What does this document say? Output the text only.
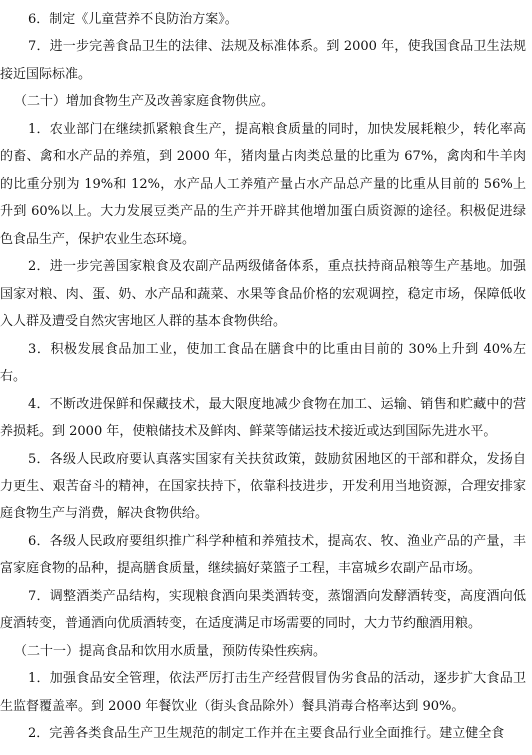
6．制定《儿童营养不良防治方案》。

7．进一步完善食品卫生的法律、法规及标准体系。到 2000 年，使我国食品卫生法规接近国际标准。

（二十）增加食物生产及改善家庭食物供应。

1．农业部门在继续抓紧粮食生产，提高粮食质量的同时，加快发展耗粮少，转化率高的畜、禽和水产品的养殖，到 2000 年，猪肉量占肉类总量的比重为 67%，禽肉和牛羊肉的比重分别为 19%和 12%，水产品人工养殖产量占水产品总产量的比重从目前的 56%上升到 60%以上。大力发展豆类产品的生产并开辟其他增加蛋白质资源的途径。积极促进绿色食品生产，保护农业生态环境。

2．进一步完善国家粮食及农副产品两级储备体系，重点扶持商品粮等生产基地。加强国家对粮、肉、蛋、奶、水产品和蔬菜、水果等食品价格的宏观调控，稳定市场，保障低收入人群及遭受自然灾害地区人群的基本食物供给。

3．积极发展食品加工业，使加工食品在膳食中的比重由目前的 30%上升到 40%左右。

4．不断改进保鲜和保藏技术，最大限度地减少食物在加工、运输、销售和贮藏中的营养损耗。到 2000 年，使粮储技术及鲜肉、鲜菜等储运技术接近或达到国际先进水平。

5．各级人民政府要认真落实国家有关扶贫政策，鼓励贫困地区的干部和群众，发扬自力更生、艰苦奋斗的精神，在国家扶持下，依靠科技进步，开发利用当地资源，合理安排家庭食物生产与消费，解决食物供给。

6．各级人民政府要组织推广科学种植和养殖技术，提高农、牧、渔业产品的产量，丰富家庭食物的品种，提高膳食质量，继续搞好菜篮子工程，丰富城乡农副产品市场。

7．调整酒类产品结构，实现粮食酒向果类酒转变，蒸馏酒向发酵酒转变，高度酒向低度酒转变，普通酒向优质酒转变，在适度满足市场需要的同时，大力节约酿酒用粮。

（二十一）提高食品和饮用水质量，预防传染性疾病。

1．加强食品安全管理，依法严厉打击生产经营假冒伪劣食品的活动，逐步扩大食品卫生监督覆盖率。到 2000 年餐饮业（街头食品除外）餐具消毒合格率达到 90%。

2．完善各类食品生产卫生规范的制定工作并在主要食品行业全面推行。建立健全食
